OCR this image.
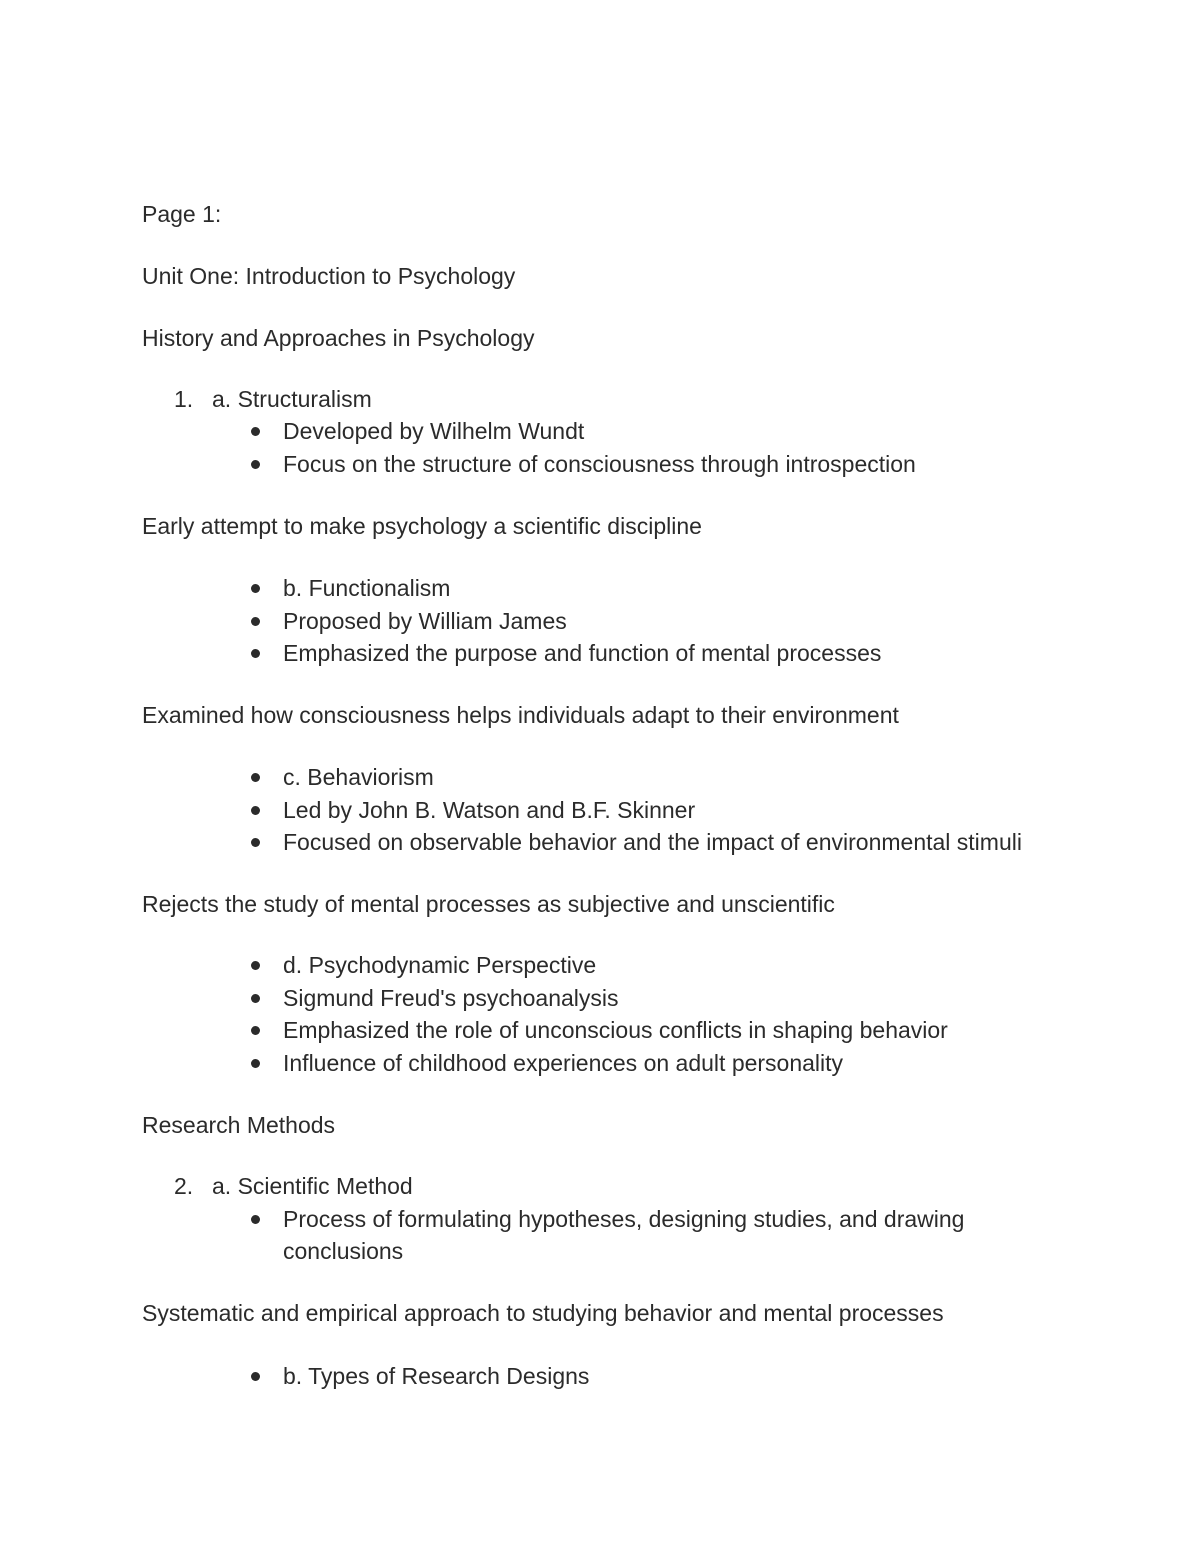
Page 1:
Unit One: Introduction to Psychology
History and Approaches in Psychology
1. a. Structuralism
Developed by Wilhelm Wundt
Focus on the structure of consciousness through introspection
Early attempt to make psychology a scientific discipline
b. Functionalism
Proposed by William James
Emphasized the purpose and function of mental processes
Examined how consciousness helps individuals adapt to their environment
c. Behaviorism
Led by John B. Watson and B.F. Skinner
Focused on observable behavior and the impact of environmental stimuli
Rejects the study of mental processes as subjective and unscientific
d. Psychodynamic Perspective
Sigmund Freud's psychoanalysis
Emphasized the role of unconscious conflicts in shaping behavior
Influence of childhood experiences on adult personality
Research Methods
2. a. Scientific Method
Process of formulating hypotheses, designing studies, and drawing
conclusions
Systematic and empirical approach to studying behavior and mental processes
b. Types of Research Designs
